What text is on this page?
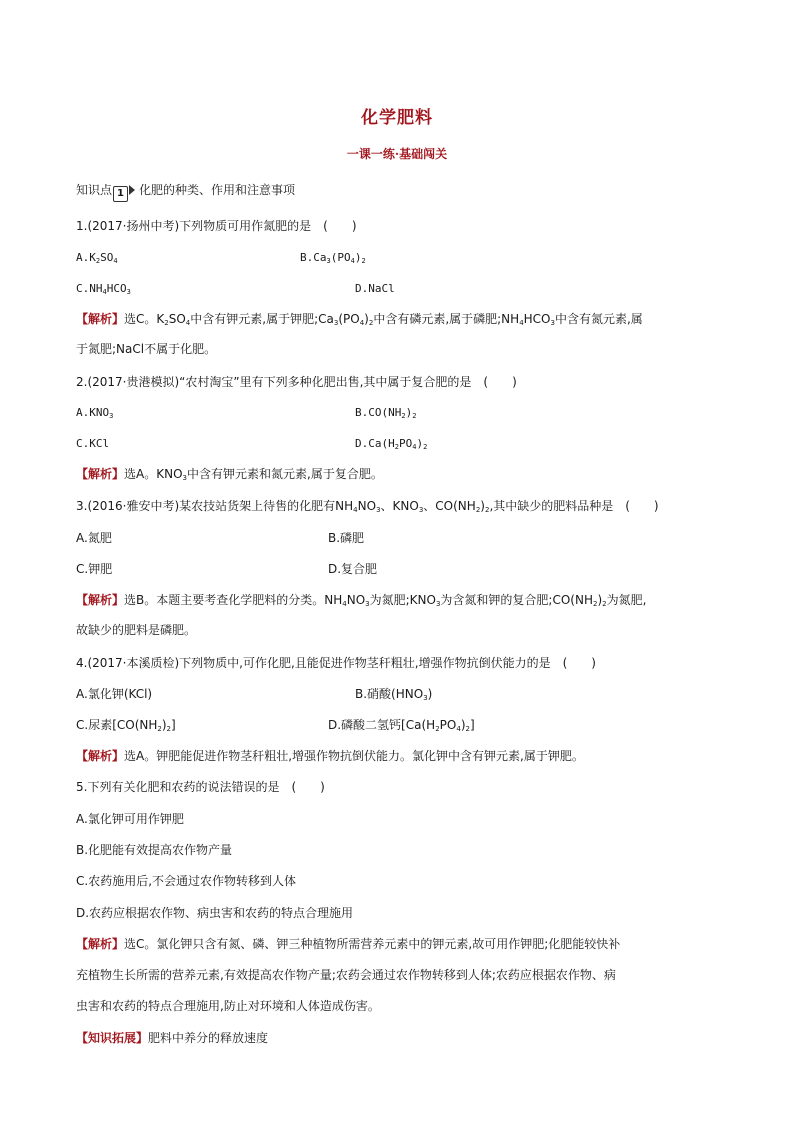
化学肥料
一课一练·基础闯关
知识点 1 化肥的种类、作用和注意事项
1.(2017·扬州中考)下列物质可用作氮肥的是　(　　)
$A.K_2SO_4$	$B.Ca_3(PO_4)_2$
$C.NH_4HCO_3$	D.NaCl
【解析】选C。$K_2SO_4$中含有钾元素,属于钾肥$;Ca_3(PO_4)_2$中含有磷元素,属于磷肥$;NH_4HCO_3$中含有氮元素,属
于氮肥;NaCl不属于化肥。
2.(2017·贵港模拟)“农村淘宝”里有下列多种化肥出售,其中属于复合肥的是　(　　)
$A.KNO_3$	$B.CO(NH_2)_2$
C.KCl	$D.Ca(H_2PO_4)_2$
【解析】选A。$KNO_3$中含有钾元素和氮元素,属于复合肥。
3.(2016·雅安中考)某农技站货架上待售的化肥有$NH_4NO_3$、$KNO_3$、$CO(NH_2)_2$,其中缺少的肥料品种是　(　　)
A.氮肥	B.磷肥
C.钾肥	D.复合肥
【解析】选B。本题主要考查化学肥料的分类。$NH_4NO_3$为氮肥$;KNO_3$为含氮和钾的复合肥$;CO(NH_2)_2$为氮肥,
故缺少的肥料是磷肥。
4.(2017·本溪质检)下列物质中,可作化肥,且能促进作物茎秆粗壮,增强作物抗倒伏能力的是　(　　)
A.氯化钾(KCl)	B.硝酸$(HNO_3)$
C.尿素$[CO(NH_2)_2]$	D.磷酸二氢钙$[Ca(H_2PO_4)_2]$
【解析】选A。钾肥能促进作物茎秆粗壮,增强作物抗倒伏能力。氯化钾中含有钾元素,属于钾肥。
5.下列有关化肥和农药的说法错误的是　(　　)
A.氯化钾可用作钾肥
B.化肥能有效提高农作物产量
C.农药施用后,不会通过农作物转移到人体
D.农药应根据农作物、病虫害和农药的特点合理施用
【解析】选C。氯化钾只含有氮、磷、钾三种植物所需营养元素中的钾元素,故可用作钾肥;化肥能较快补
充植物生长所需的营养元素,有效提高农作物产量;农药会通过农作物转移到人体;农药应根据农作物、病
虫害和农药的特点合理施用,防止对环境和人体造成伤害。
【知识拓展】肥料中养分的释放速度
